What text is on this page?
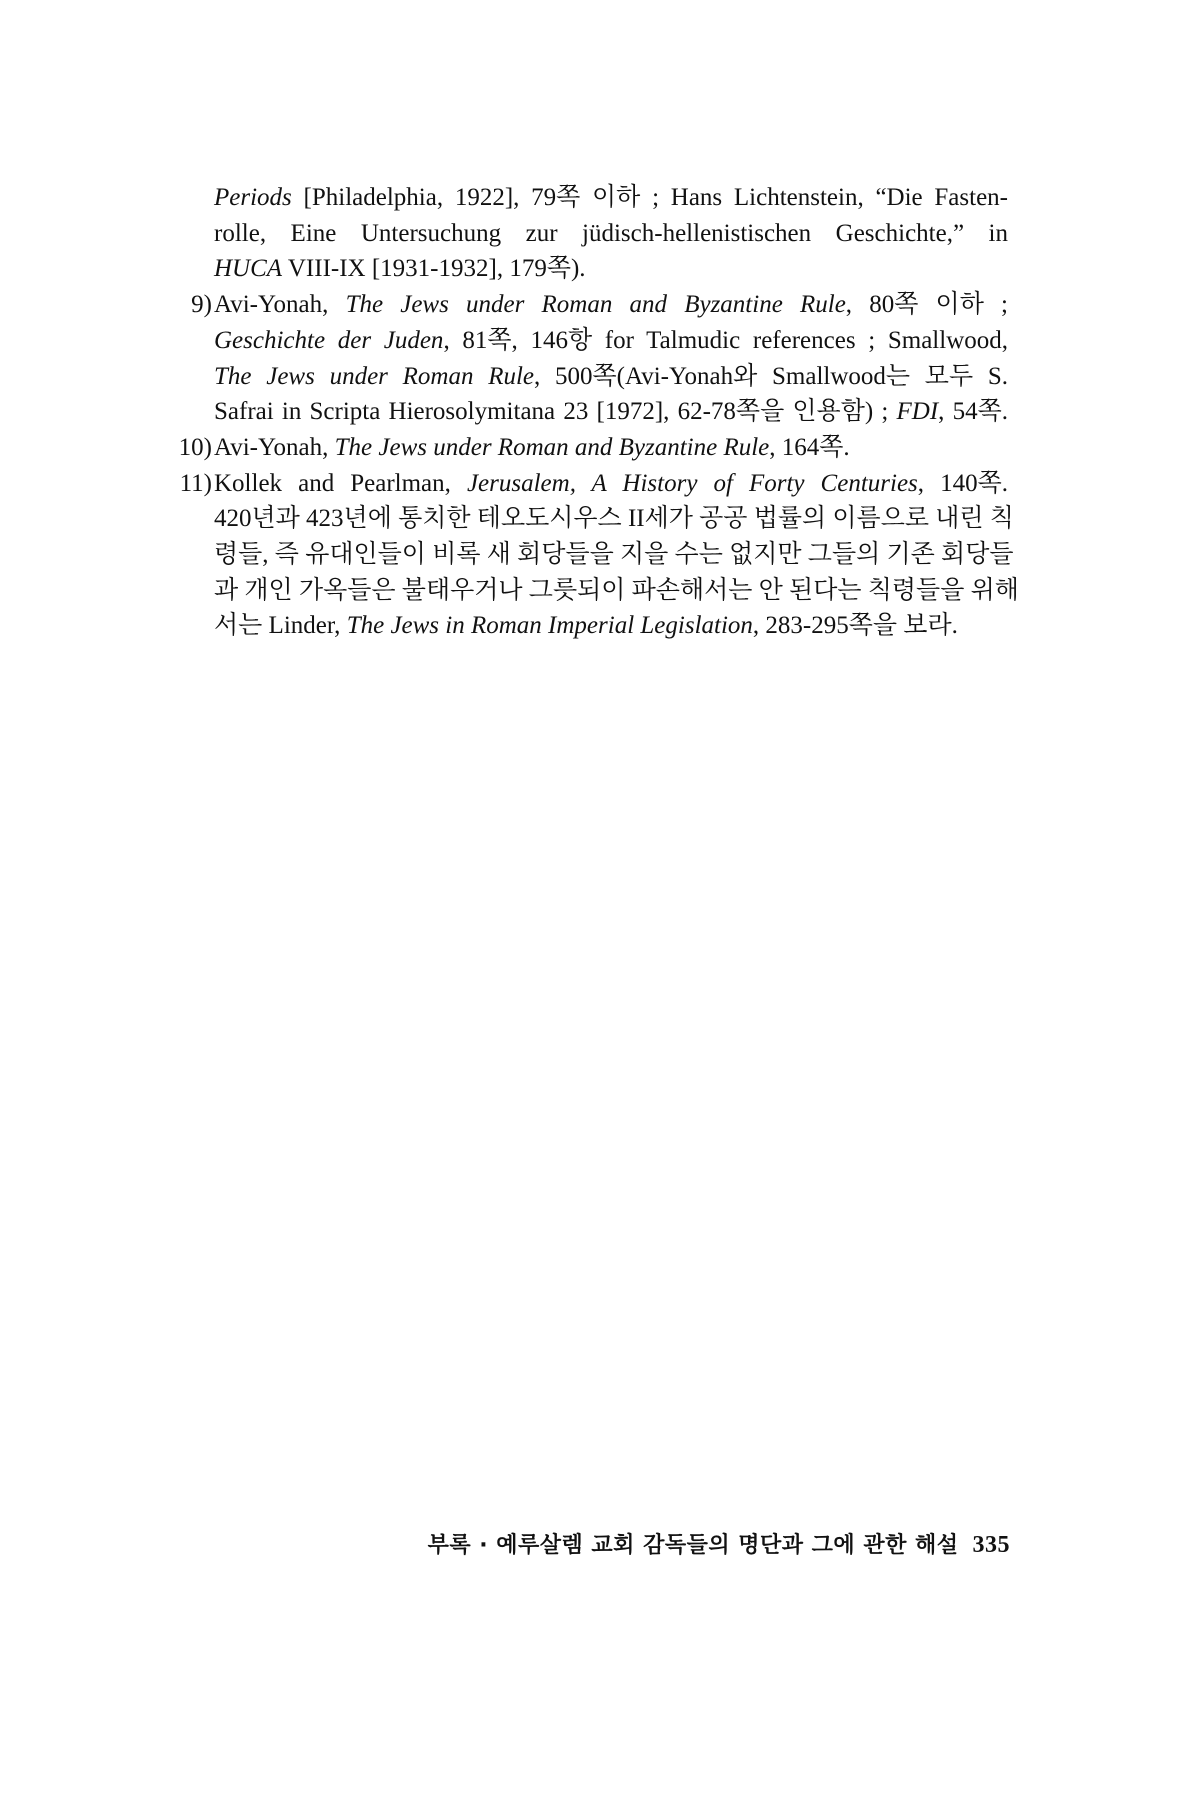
Periods [Philadelphia, 1922], 79쪽 이하 ; Hans Lichtenstein, “Die Fasten-
rolle, Eine Untersuchung zur jüdisch-hellenistischen Geschichte,” in
HUCA VIII-IX [1931-1932], 179쪽).
9) Avi-Yonah, The Jews under Roman and Byzantine Rule, 80쪽 이하 ;
Geschichte der Juden, 81쪽, 146항 for Talmudic references ; Smallwood,
The Jews under Roman Rule, 500쪽(Avi-Yonah와 Smallwood는 모두 S.
Safrai in Scripta Hierosolymitana 23 [1972], 62-78쪽을 인용함) ; FDI, 54쪽.
10) Avi-Yonah, The Jews under Roman and Byzantine Rule, 164쪽.
11) Kollek and Pearlman, Jerusalem, A History of Forty Centuries, 140쪽.
420년과 423년에 통치한 테오도시우스 II세가 공공 법률의 이름으로 내린 칙
령들, 즉 유대인들이 비록 새 회당들을 지을 수는 없지만 그들의 기존 회당들
과 개인 가옥들은 불태우거나 그릇되이 파손해서는 안 된다는 칙령들을 위해
서는 Linder, The Jews in Roman Imperial Legislation, 283-295쪽을 보라.
부록 · 예루살렘 교회 감독들의 명단과 그에 관한 해설 335
